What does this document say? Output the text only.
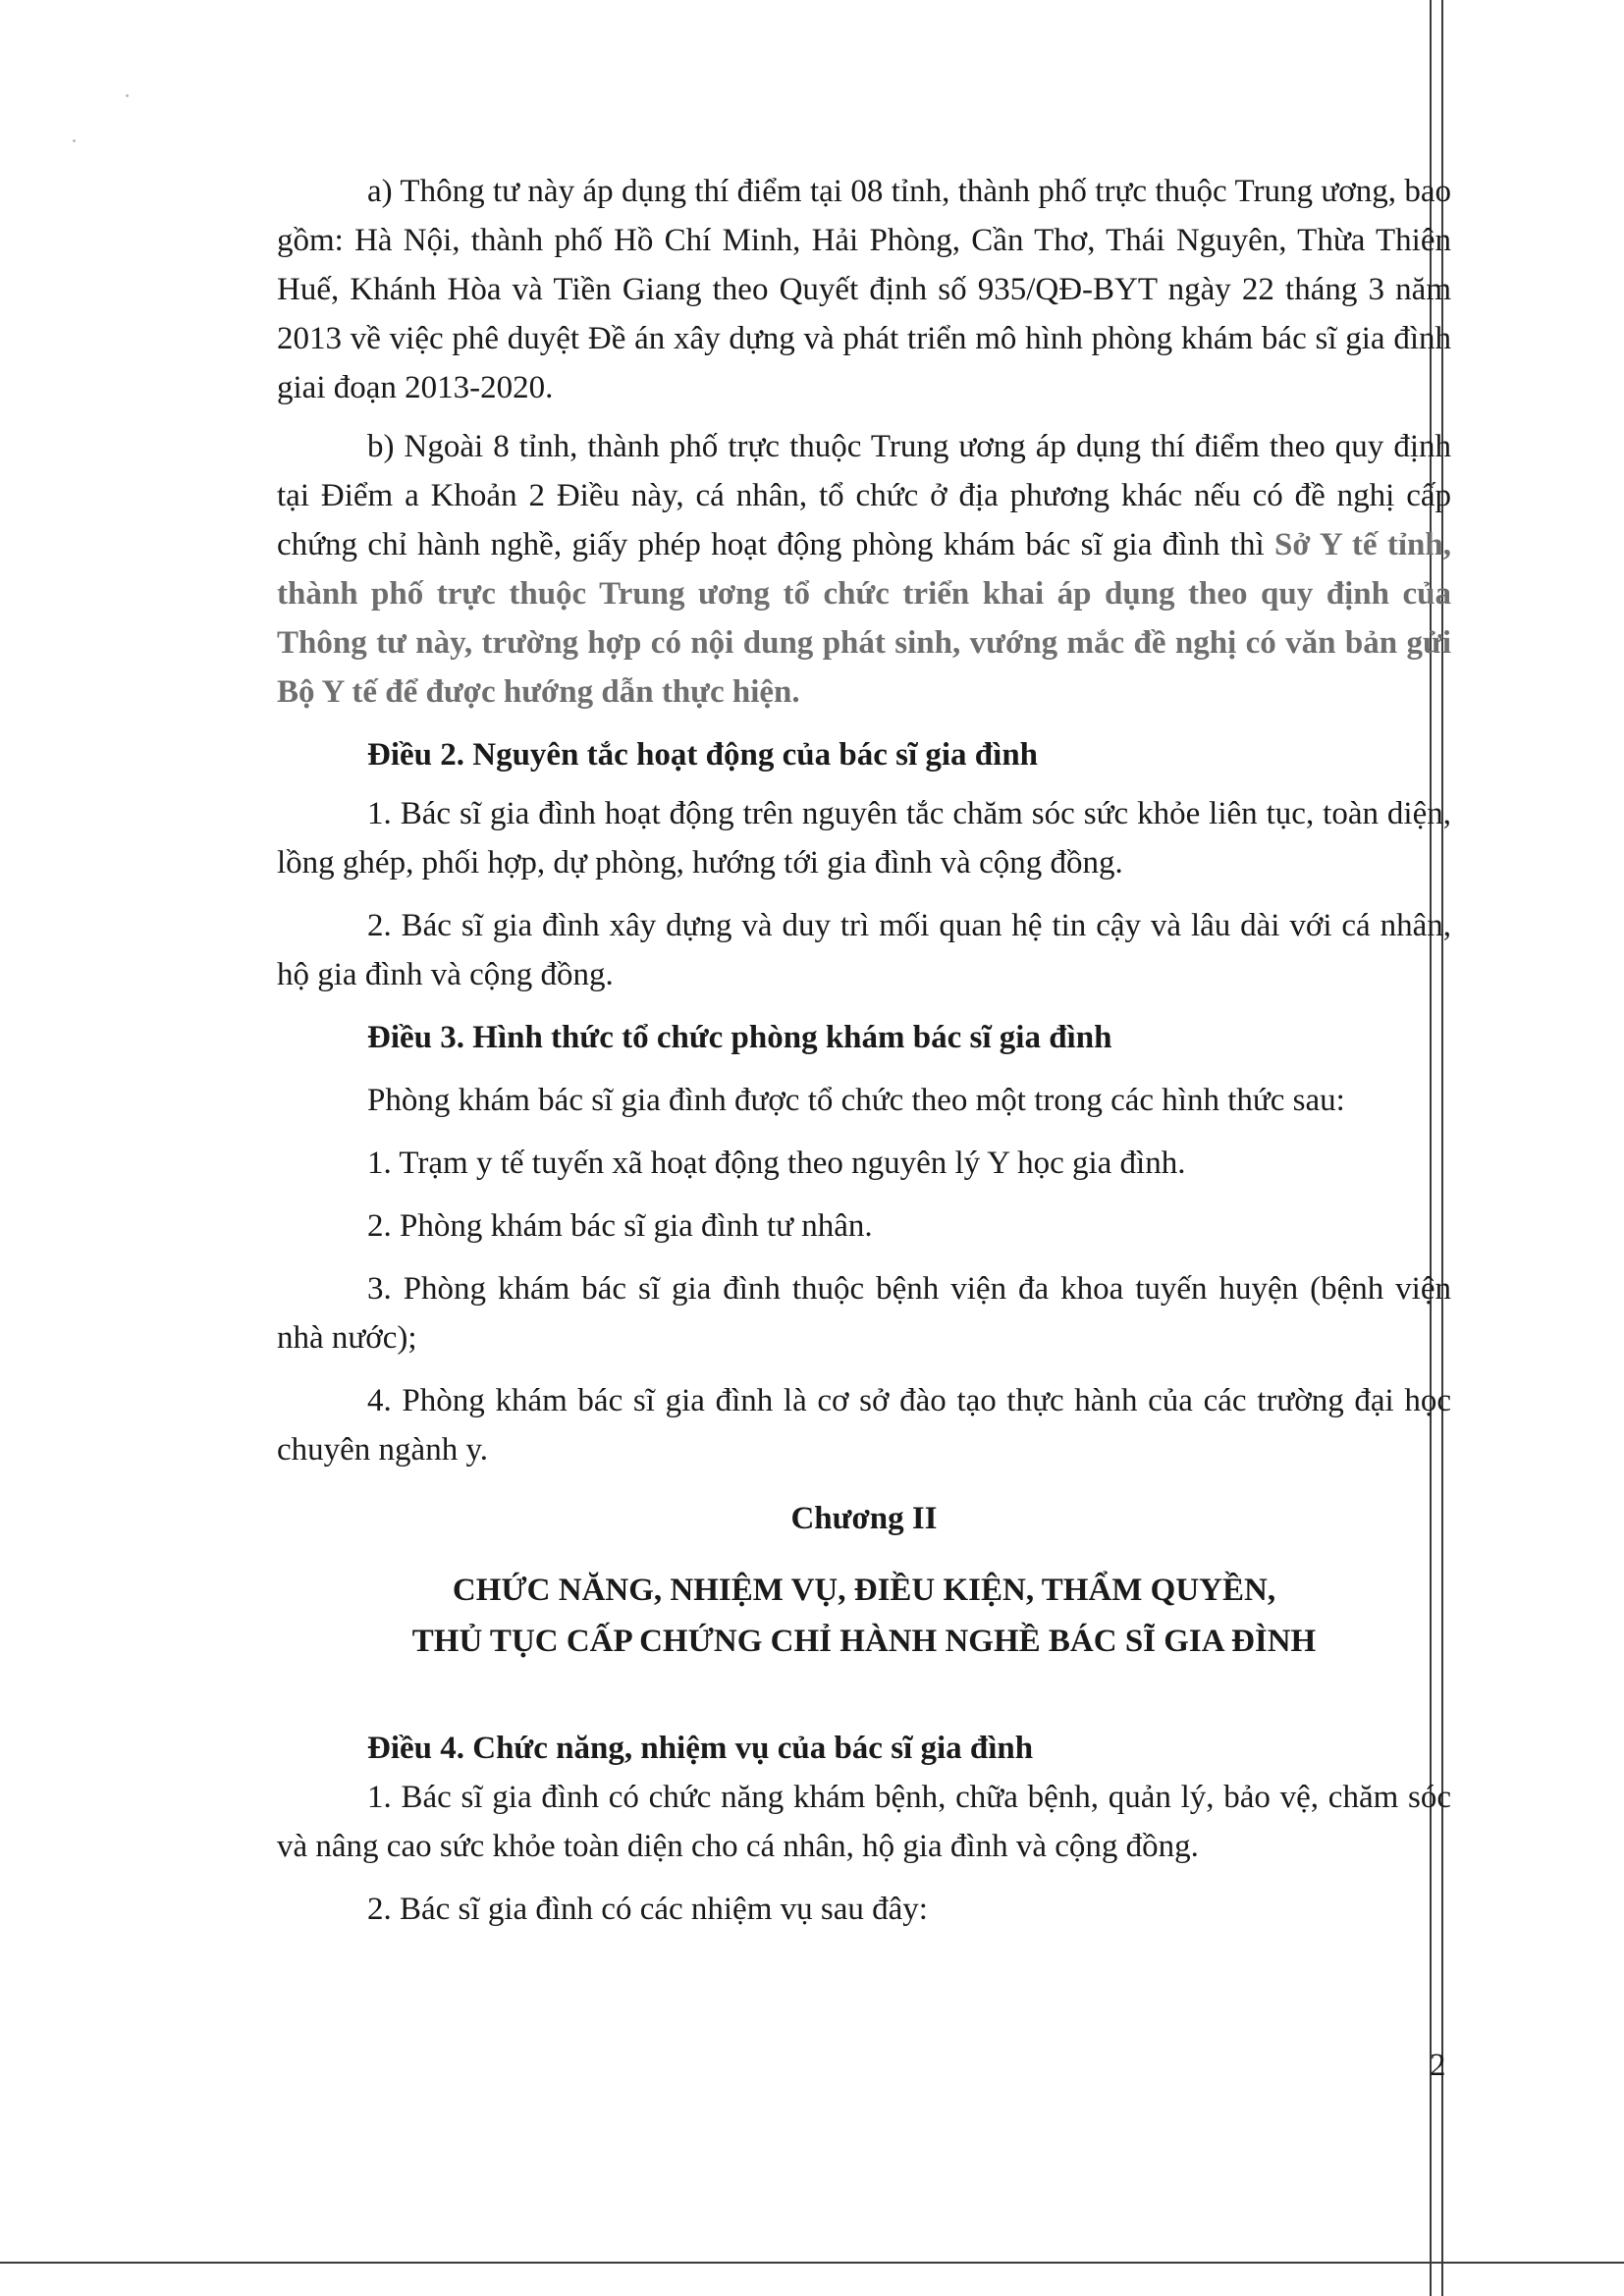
a) Thông tư này áp dụng thí điểm tại 08 tỉnh, thành phố trực thuộc Trung ương, bao gồm: Hà Nội, thành phố Hồ Chí Minh, Hải Phòng, Cần Thơ, Thái Nguyên, Thừa Thiên Huế, Khánh Hòa và Tiền Giang theo Quyết định số 935/QĐ-BYT ngày 22 tháng 3 năm 2013 về việc phê duyệt Đề án xây dựng và phát triển mô hình phòng khám bác sĩ gia đình giai đoạn 2013-2020.

b) Ngoài 8 tỉnh, thành phố trực thuộc Trung ương áp dụng thí điểm theo quy định tại Điểm a Khoản 2 Điều này, cá nhân, tổ chức ở địa phương khác nếu có đề nghị cấp chứng chỉ hành nghề, giấy phép hoạt động phòng khám bác sĩ gia đình thì Sở Y tế tỉnh, thành phố trực thuộc Trung ương tổ chức triển khai áp dụng theo quy định của Thông tư này, trường hợp có nội dung phát sinh, vướng mắc đề nghị có văn bản gửi Bộ Y tế để được hướng dẫn thực hiện.

Điều 2. Nguyên tắc hoạt động của bác sĩ gia đình

1. Bác sĩ gia đình hoạt động trên nguyên tắc chăm sóc sức khỏe liên tục, toàn diện, lồng ghép, phối hợp, dự phòng, hướng tới gia đình và cộng đồng.

2. Bác sĩ gia đình xây dựng và duy trì mối quan hệ tin cậy và lâu dài với cá nhân, hộ gia đình và cộng đồng.

Điều 3. Hình thức tổ chức phòng khám bác sĩ gia đình

Phòng khám bác sĩ gia đình được tổ chức theo một trong các hình thức sau:

1. Trạm y tế tuyến xã hoạt động theo nguyên lý Y học gia đình.

2. Phòng khám bác sĩ gia đình tư nhân.

3. Phòng khám bác sĩ gia đình thuộc bệnh viện đa khoa tuyến huyện (bệnh viện nhà nước);

4. Phòng khám bác sĩ gia đình là cơ sở đào tạo thực hành của các trường đại học chuyên ngành y.

Chương II

CHỨC NĂNG, NHIỆM VỤ, ĐIỀU KIỆN, THẨM QUYỀN,
THỦ TỤC CẤP CHỨNG CHỈ HÀNH NGHỀ BÁC SĨ GIA ĐÌNH

Điều 4. Chức năng, nhiệm vụ của bác sĩ gia đình

1. Bác sĩ gia đình có chức năng khám bệnh, chữa bệnh, quản lý, bảo vệ, chăm sóc và nâng cao sức khỏe toàn diện cho cá nhân, hộ gia đình và cộng đồng.

2. Bác sĩ gia đình có các nhiệm vụ sau đây:

2
